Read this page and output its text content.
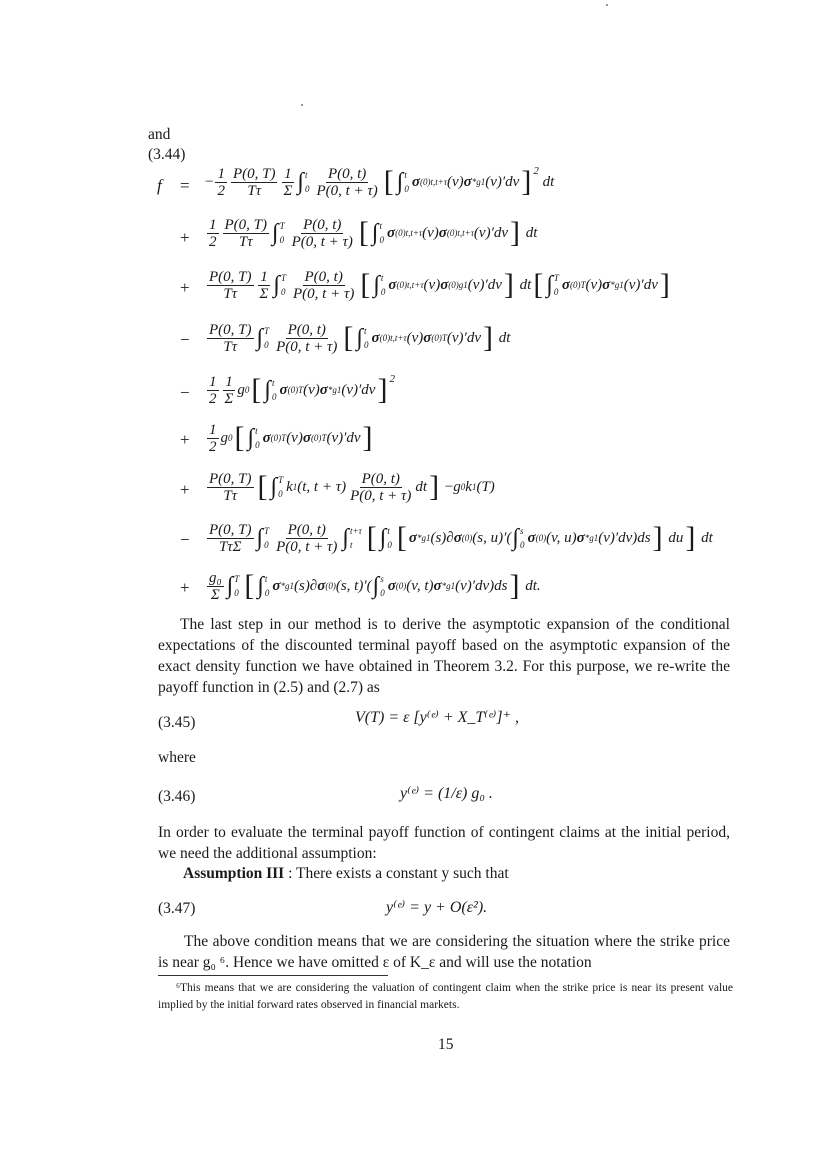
and
(3.44)
f =
+
+
−
−
+
+
−
+
− $\frac{1}{2} \frac{P(0, T)}{T\tau} \frac{1}{\Sigma}$ ∫ t
$0 \frac{P(0, t)}{P(0, t + \tau)}$ [ ∫ t
0 σ (0) t,t+τ (v) σ * g1 (v)′dv ]$^2$

dt
$\frac{1}{2} \frac{P(0, T)}{T\tau}$ ∫ T
$0 \frac{P(0, t)}{P(0, t + \tau)}$ [ ∫ t
0 σ (0) t,t+τ (v) σ (0) t,t+τ (v)′dv ]
dt
$\frac{P(0, T)}{T\tau} \frac{1}{\Sigma}$ ∫ T
$0 \frac{P(0, t)}{P(0, t + \tau)}$ [ ∫ t
0 σ (0) t,t+τ (v) σ (0) g1 (v)′dv ]
dt [ ∫ T
0 σ (0) T (v) σ * g1 (v)′dv ]
$\frac{P(0, T)}{T\tau}$ ∫ T
$0 \frac{P(0, t)}{P(0, t + \tau)}$ [ ∫ t
0 σ (0) t,t+τ (v) σ (0) T (v)′dv ]
dt
$\frac{1}{2} \frac{1}{\Sigma}$ g 0 [ ∫ t
0 σ (0) T (v) σ * g1 (v)′dv ]$^2$
$\frac{1}{2}$ g 0 [ ∫ t
0 σ (0) T (v) σ (0) T (v)′dv ]
$\frac{P(0, T)}{T\tau}$ [ ∫ T
0 k 1 (t, $t + \tau) \frac{P(0, t)}{P(0, t + \tau)}$ dt ] − g 0 k 1 (T)
$\frac{P(0, T)}{\text{TτΣ}}$ ∫ T
$0 \frac{P(0, t)}{P(0, t + \tau)}$ ∫ t+τ
t [ ∫ t
0 [ σ * g1 (s)∂ σ (0) (s, u)′( ∫ s
0 σ (0) (v, u) σ * g1 (v)′dv)ds ]
du ]
dt
$\frac{\text{g₀}}{\Sigma}$ ∫ T
0 [ ∫ t
0 σ * g1 (s)∂ σ (0) (s, t)′( ∫ s
0 σ (0) (v, t) σ * g1 (v)′dv)ds ]
dt.
The last step in our method is to derive the asymptotic expansion of the conditional expectations of the discounted terminal payoff based on the asymptotic expansion of the exact density function we have obtained in Theorem 3.2. For this purpose, we re-write the payoff function in (2.5) and (2.7) as
(3.45)	V(T) = ε [y⁽ᵉ⁾ + X_T⁽ᵉ⁾]⁺ ,
where
(3.46)	y⁽ᵉ⁾ = (1/ε) g₀ .
In order to evaluate the terminal payoff function of contingent claims at the initial period, we need the additional assumption:
Assumption III : There exists a constant y such that
(3.47)	y⁽ᵉ⁾ = y + O(ε²).
The above condition means that we are considering the situation where the strike price is near g₀ ⁶. Hence we have omitted ε of K_ε and will use the notation
⁶This means that we are considering the valuation of contingent claim when the strike price is near its present value implied by the initial forward rates observed in financial markets.
15
